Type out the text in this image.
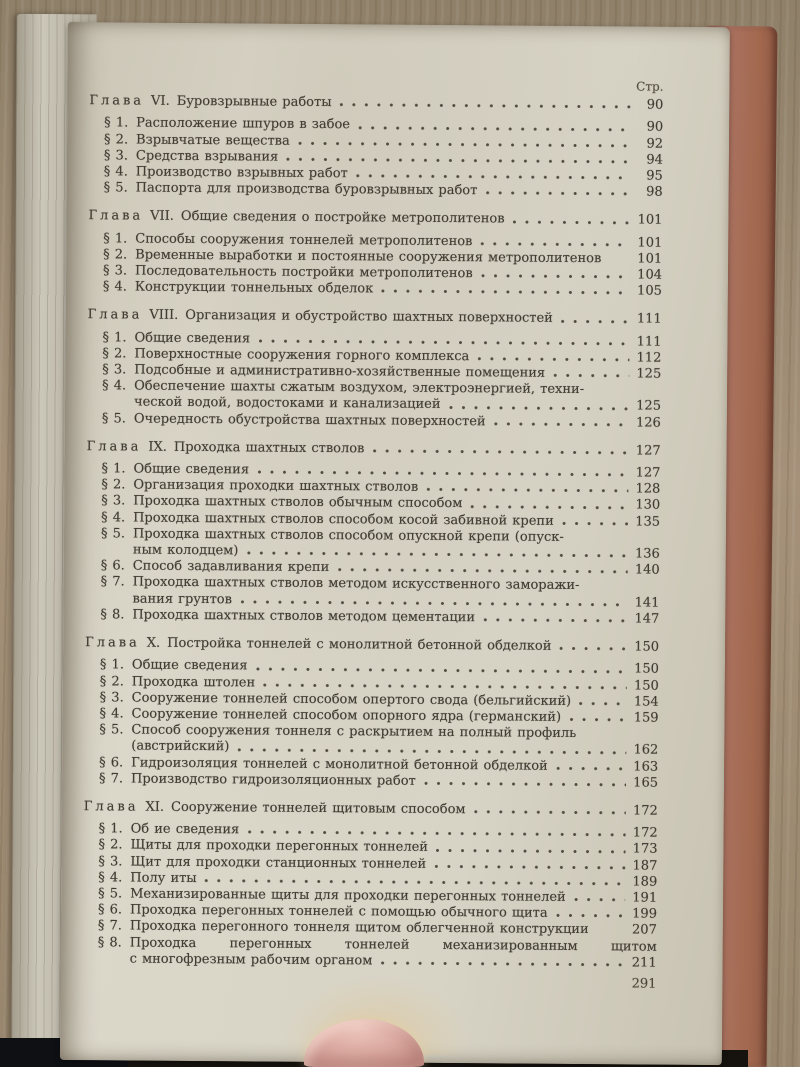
Стр.
Глава VI. Буровзрывные работы	90
§ 1. Расположение шпуров в забое	90
§ 2. Взрывчатые вещества	92
§ 3. Средства взрывания	94
§ 4. Производство взрывных работ	95
§ 5. Паспорта для производства буровзрывных работ	98
Глава VII. Общие сведения о постройке метрополитенов	101
§ 1. Способы сооружения тоннелей метрополитенов	101
§ 2. Временные выработки и постоянные сооружения метрополитенов	101
§ 3. Последовательность постройки метрополитенов	104
§ 4. Конструкции тоннельных обделок	105
Глава VIII. Организация и обустройство шахтных поверхностей	111
§ 1. Общие сведения	111
§ 2. Поверхностные сооружения горного комплекса	112
§ 3. Подсобные и административно-хозяйственные помещения	125
§ 4. Обеспечение шахты сжатым воздухом, электроэнергией, техни-
ческой водой, водостоками и канализацией	125
§ 5. Очередность обустройства шахтных поверхностей	126
Глава IX. Проходка шахтных стволов	127
§ 1. Общие сведения	127
§ 2. Организация проходки шахтных стволов	128
§ 3. Проходка шахтных стволов обычным способом	130
§ 4. Проходка шахтных стволов способом косой забивной крепи	135
§ 5. Проходка шахтных стволов способом опускной крепи (опуск-
ным колодцем)	136
§ 6. Способ задавливания крепи	140
§ 7. Проходка шахтных стволов методом искусственного заморажи-
вания грунтов	141
§ 8. Проходка шахтных стволов методом цементации	147
Глава X. Постройка тоннелей с монолитной бетонной обделкой	150
§ 1. Общие сведения	150
§ 2. Проходка штолен	150
§ 3. Сооружение тоннелей способом опертого свода (бельгийский)	154
§ 4. Сооружение тоннелей способом опорного ядра (германский)	159
§ 5. Способ сооружения тоннеля с раскрытием на полный профиль
(австрийский)	162
§ 6. Гидроизоляция тоннелей с монолитной бетонной обделкой	163
§ 7. Производство гидроизоляционных работ	165
Глава XI. Сооружение тоннелей щитовым способом	172
§ 1. Об ие сведения	172
§ 2. Щиты для проходки перегонных тоннелей	173
§ 3. Щит для проходки станционных тоннелей	187
§ 4. Полу иты	189
§ 5. Механизированные щиты для проходки перегонных тоннелей	191
§ 6. Проходка перегонных тоннелей с помощью обычного щита	199
§ 7. Проходка перегонного тоннеля щитом облегченной конструкции	207
§ 8. Проходка перегонных тоннелей механизированным щитом
с многофрезным рабочим органом	211
291
